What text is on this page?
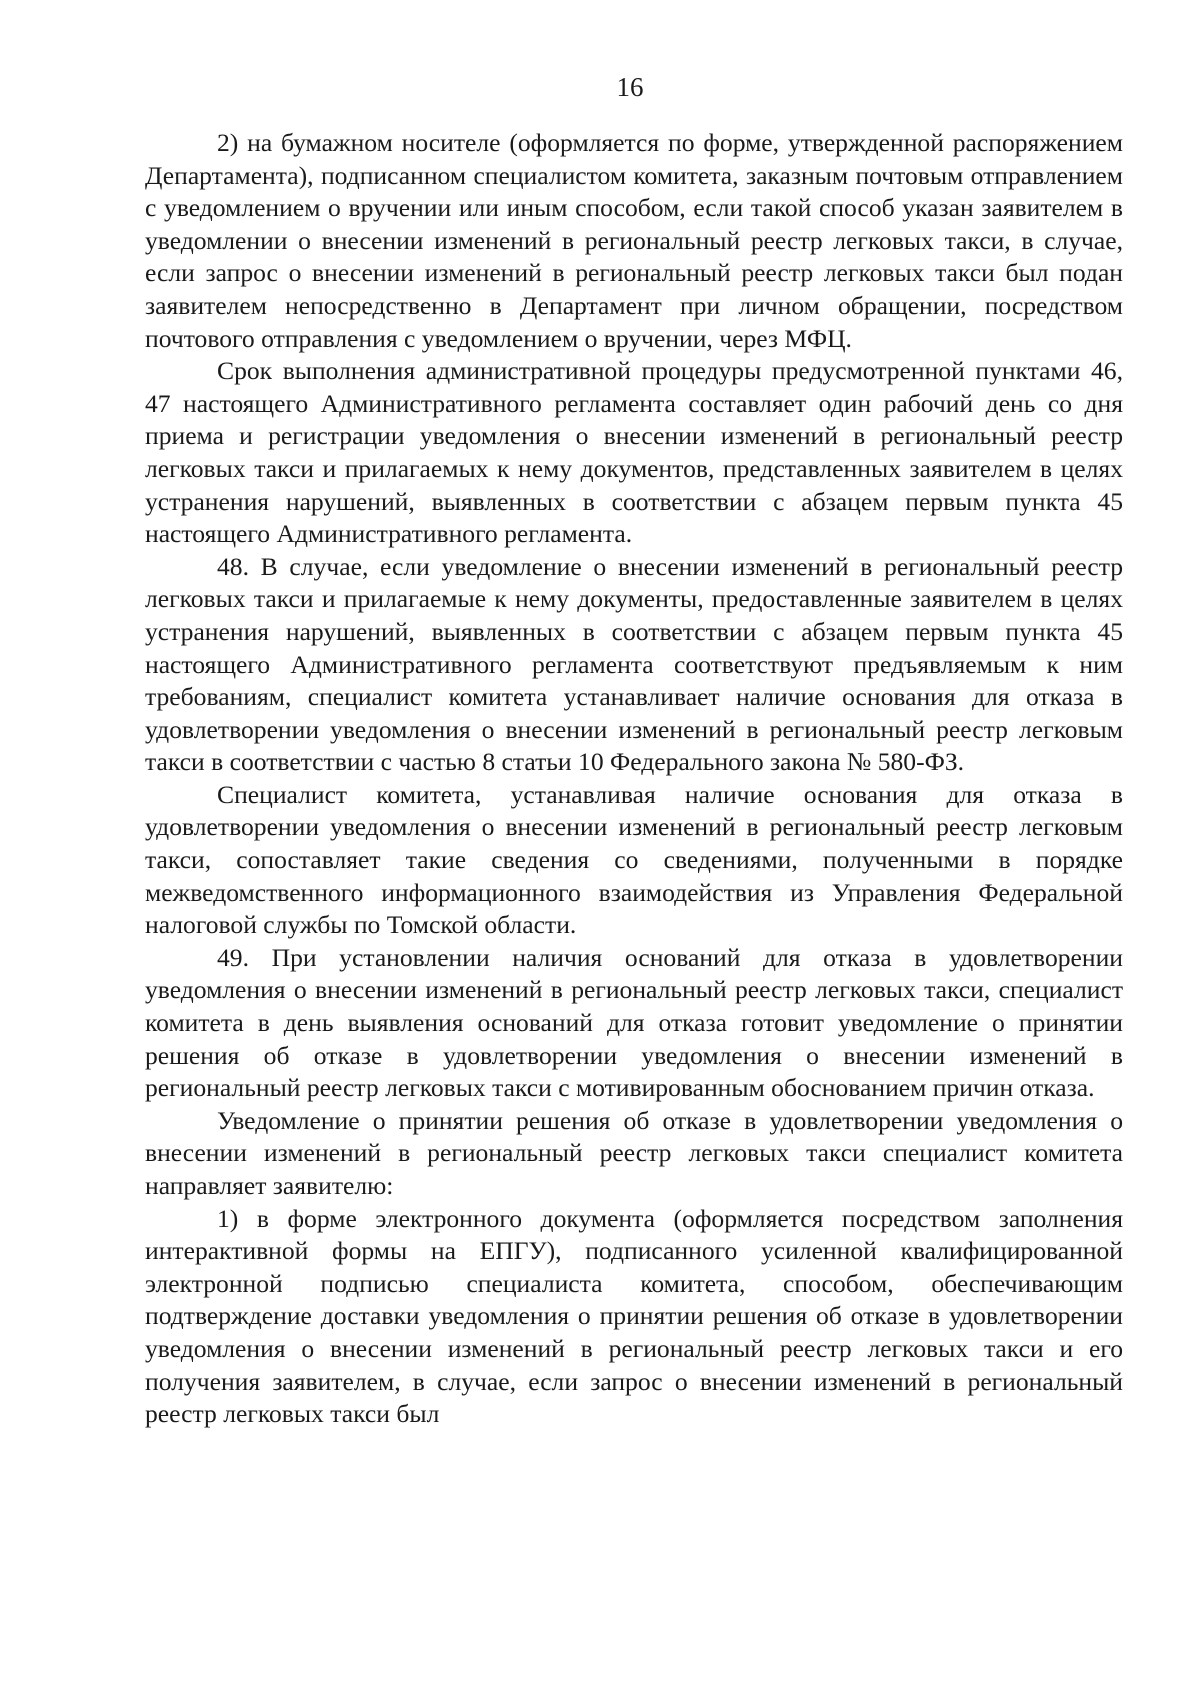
16

2) на бумажном носителе (оформляется по форме, утвержденной распоряжением Департамента), подписанном специалистом комитета, заказным почтовым отправлением с уведомлением о вручении или иным способом, если такой способ указан заявителем в уведомлении о внесении изменений в региональный реестр легковых такси, в случае, если запрос о внесении изменений в региональный реестр легковых такси был подан заявителем непосредственно в Департамент при личном обращении, посредством почтового отправления с уведомлением о вручении, через МФЦ.

Срок выполнения административной процедуры предусмотренной пунктами 46, 47 настоящего Административного регламента составляет один рабочий день со дня приема и регистрации уведомления о внесении изменений в региональный реестр легковых такси и прилагаемых к нему документов, представленных заявителем в целях устранения нарушений, выявленных в соответствии с абзацем первым пункта 45 настоящего Административного регламента.

48. В случае, если уведомление о внесении изменений в региональный реестр легковых такси и прилагаемые к нему документы, предоставленные заявителем в целях устранения нарушений, выявленных в соответствии с абзацем первым пункта 45 настоящего Административного регламента соответствуют предъявляемым к ним требованиям, специалист комитета устанавливает наличие основания для отказа в удовлетворении уведомления о внесении изменений в региональный реестр легковым такси в соответствии с частью 8 статьи 10 Федерального закона № 580-ФЗ.

Специалист комитета, устанавливая наличие основания для отказа в удовлетворении уведомления о внесении изменений в региональный реестр легковым такси, сопоставляет такие сведения со сведениями, полученными в порядке межведомственного информационного взаимодействия из Управления Федеральной налоговой службы по Томской области.

49. При установлении наличия оснований для отказа в удовлетворении уведомления о внесении изменений в региональный реестр легковых такси, специалист комитета в день выявления оснований для отказа готовит уведомление о принятии решения об отказе в удовлетворении уведомления о внесении изменений в региональный реестр легковых такси с мотивированным обоснованием причин отказа.

Уведомление о принятии решения об отказе в удовлетворении уведомления о внесении изменений в региональный реестр легковых такси специалист комитета направляет заявителю:

1) в форме электронного документа (оформляется посредством заполнения интерактивной формы на ЕПГУ), подписанного усиленной квалифицированной электронной подписью специалиста комитета, способом, обеспечивающим подтверждение доставки уведомления о принятии решения об отказе в удовлетворении уведомления о внесении изменений в региональный реестр легковых такси и его получения заявителем, в случае, если запрос о внесении изменений в региональный реестр легковых такси был
